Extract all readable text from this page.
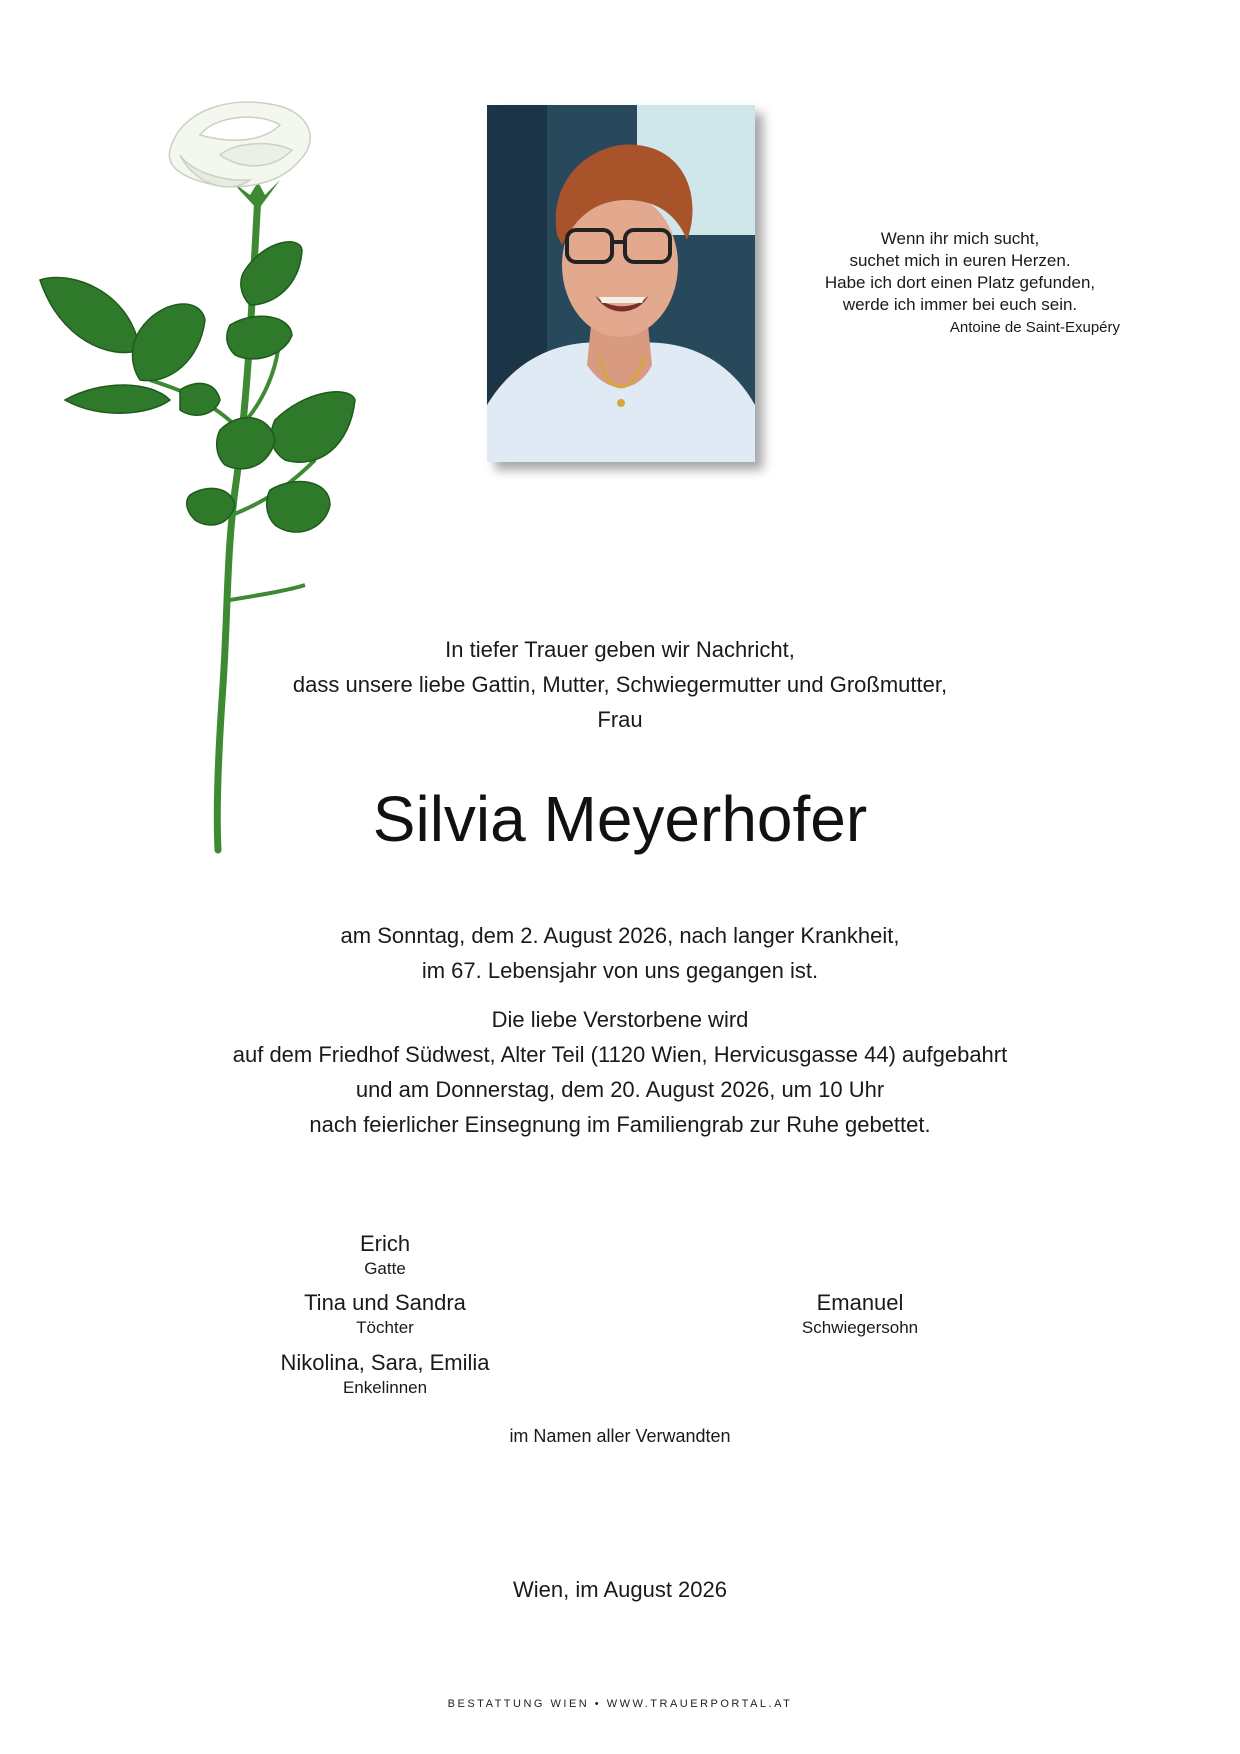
Wenn ihr mich sucht,
suchet mich in euren Herzen.
Habe ich dort einen Platz gefunden,
werde ich immer bei euch sein.
Antoine de Saint-Exupéry
In tiefer Trauer geben wir Nachricht,
dass unsere liebe Gattin, Mutter, Schwiegermutter und Großmutter,
Frau
Silvia Meyerhofer
am Sonntag, dem 2. August 2026, nach langer Krankheit,
im 67. Lebensjahr von uns gegangen ist.
Die liebe Verstorbene wird
auf dem Friedhof Südwest, Alter Teil (1120 Wien, Hervicusgasse 44) aufgebahrt
und am Donnerstag, dem 20. August 2026, um 10 Uhr
nach feierlicher Einsegnung im Familiengrab zur Ruhe gebettet.
Erich
Gatte
Tina und Sandra
Töchter
Nikolina, Sara, Emilia
Enkelinnen
Emanuel
Schwiegersohn
im Namen aller Verwandten
Wien, im August 2026
BESTATTUNG WIEN • WWW.TRAUERPORTAL.AT
